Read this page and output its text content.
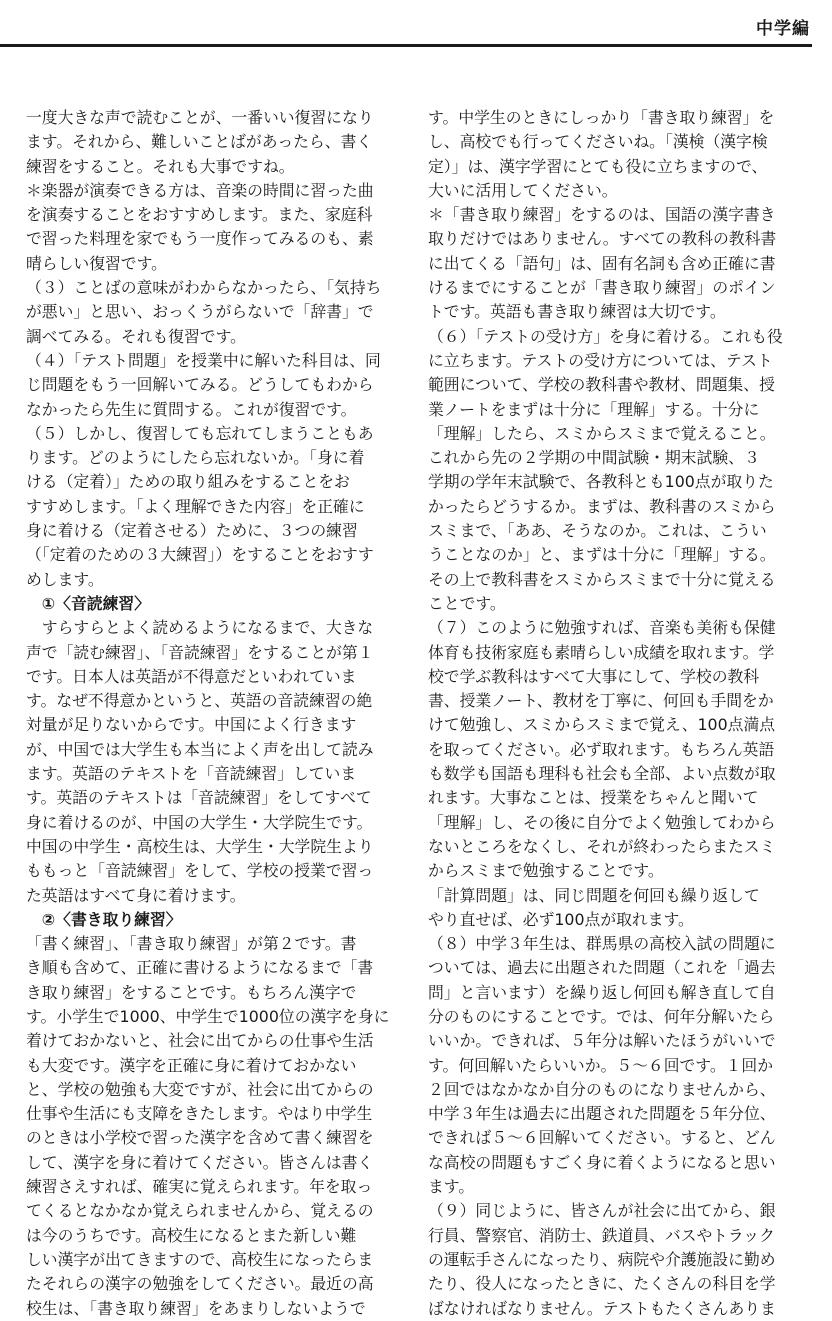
中学編
一度大きな声で読むことが、一番いい復習になり
ます。それから、難しいことばがあったら、書く
練習をすること。それも大事ですね。
＊楽器が演奏できる方は、音楽の時間に習った曲
を演奏することをおすすめします。また、家庭科
で習った料理を家でもう一度作ってみるのも、素
晴らしい復習です。
（３）ことばの意味がわからなかったら、「気持ち
が悪い」と思い、おっくうがらないで「辞書」で
調べてみる。それも復習です。
（４）「テスト問題」を授業中に解いた科目は、同
じ問題をもう一回解いてみる。どうしてもわから
なかったら先生に質問する。これが復習です。
（５）しかし、復習しても忘れてしまうこともあ
ります。どのようにしたら忘れないか。「身に着
ける（定着）」ための取り組みをすることをお
すすめします。「よく理解できた内容」を正確に
身に着ける（定着させる）ために、３つの練習
（「定着のための３大練習」）をすることをおすす
めします。
　①〈音読練習〉
　すらすらとよく読めるようになるまで、大きな
声で「読む練習」、「音読練習」をすることが第１
です。日本人は英語が不得意だといわれていま
す。なぜ不得意かというと、英語の音読練習の絶
対量が足りないからです。中国によく行きます
が、中国では大学生も本当によく声を出して読み
ます。英語のテキストを「音読練習」していま
す。英語のテキストは「音読練習」をしてすべて
身に着けるのが、中国の大学生・大学院生です。
中国の中学生・高校生は、大学生・大学院生より
ももっと「音読練習」をして、学校の授業で習っ
た英語はすべて身に着けます。
　②〈書き取り練習〉
「書く練習」、「書き取り練習」が第２です。書
き順も含めて、正確に書けるようになるまで「書
き取り練習」をすることです。もちろん漢字で
す。小学生で1000、中学生で1000位の漢字を身に
着けておかないと、社会に出てからの仕事や生活
も大変です。漢字を正確に身に着けておかない
と、学校の勉強も大変ですが、社会に出てからの
仕事や生活にも支障をきたします。やはり中学生
のときは小学校で習った漢字を含めて書く練習を
して、漢字を身に着けてください。皆さんは書く
練習さえすれば、確実に覚えられます。年を取っ
てくるとなかなか覚えられませんから、覚えるの
は今のうちです。高校生になるとまた新しい難
しい漢字が出てきますので、高校生になったらま
たそれらの漢字の勉強をしてください。最近の高
校生は、「書き取り練習」をあまりしないようで
す。中学生のときにしっかり「書き取り練習」を
し、高校でも行ってくださいね。「漢検（漢字検
定）」は、漢字学習にとても役に立ちますので、
大いに活用してください。
＊「書き取り練習」をするのは、国語の漢字書き
取りだけではありません。すべての教科の教科書
に出てくる「語句」は、固有名詞も含め正確に書
けるまでにすることが「書き取り練習」のポイン
トです。英語も書き取り練習は大切です。
（６）「テストの受け方」を身に着ける。これも役
に立ちます。テストの受け方については、テスト
範囲について、学校の教科書や教材、問題集、授
業ノートをまずは十分に「理解」する。十分に
「理解」したら、スミからスミまで覚えること。
これから先の２学期の中間試験・期末試験、３
学期の学年末試験で、各教科とも100点が取りた
かったらどうするか。まずは、教科書のスミから
スミまで、「ああ、そうなのか。これは、こうい
うことなのか」と、まずは十分に「理解」する。
その上で教科書をスミからスミまで十分に覚える
ことです。
（７）このように勉強すれば、音楽も美術も保健
体育も技術家庭も素晴らしい成績を取れます。学
校で学ぶ教科はすべて大事にして、学校の教科
書、授業ノート、教材を丁寧に、何回も手間をか
けて勉強し、スミからスミまで覚え、100点満点
を取ってください。必ず取れます。もちろん英語
も数学も国語も理科も社会も全部、よい点数が取
れます。大事なことは、授業をちゃんと聞いて
「理解」し、その後に自分でよく勉強してわから
ないところをなくし、それが終わったらまたスミ
からスミまで勉強することです。
「計算問題」は、同じ問題を何回も繰り返して
やり直せば、必ず100点が取れます。
（８）中学３年生は、群馬県の高校入試の問題に
ついては、過去に出題された問題（これを「過去
問」と言います）を繰り返し何回も解き直して自
分のものにすることです。では、何年分解いたら
いいか。できれば、５年分は解いたほうがいいで
す。何回解いたらいいか。５～６回です。１回か
２回ではなかなか自分のものになりませんから、
中学３年生は過去に出題された問題を５年分位、
できれば５～６回解いてください。すると、どん
な高校の問題もすごく身に着くようになると思い
ます。
（９）同じように、皆さんが社会に出てから、銀
行員、警察官、消防士、鉄道員、バスやトラック
の運転手さんになったり、病院や介護施設に勤め
たり、役人になったときに、たくさんの科目を学
ばなければなりません。テストもたくさんありま
